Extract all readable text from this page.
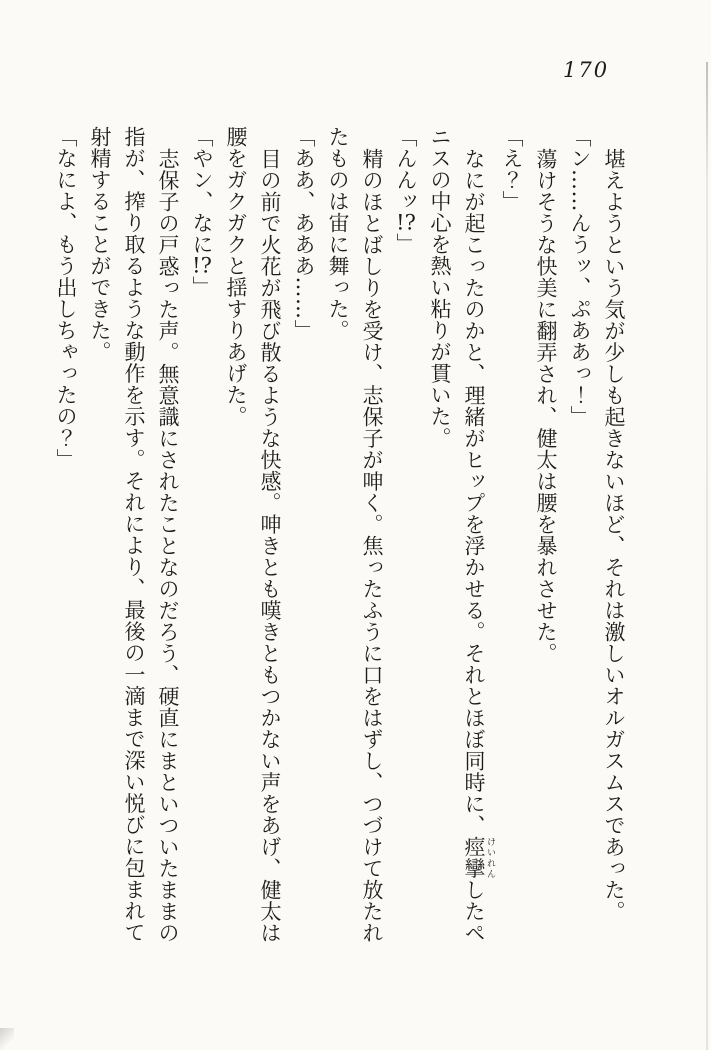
170

堪えようという気が少しも起きないほど、それは激しいオルガスムスであった。

「ン……んうッ、ぷああっ！」

蕩けそうな快美に翻弄され、健太は腰を暴れさせた。

「え？」

なにが起こったのかと、理緒がヒップを浮かせる。それとほぼ同時に、痙攣 けいれんしたペ

ニスの中心を熱い粘りが貫いた。

「んんッ!?」

精のほとばしりを受け、志保子が呻く。焦ったふうに口をはずし、つづけて放たれ

たものは宙に舞った。

「ああ、あああ……」

目の前で火花が飛び散るような快感。呻きとも嘆きともつかない声をあげ、健太は

腰をガクガクと揺すりあげた。

「やン、なに!?」

志保子の戸惑った声。無意識にされたことなのだろう、硬直にまといついたままの

指が、搾り取るような動作を示す。それにより、最後の一滴まで深い悦びに包まれて

射精することができた。

「なによ、もう出しちゃったの？」
